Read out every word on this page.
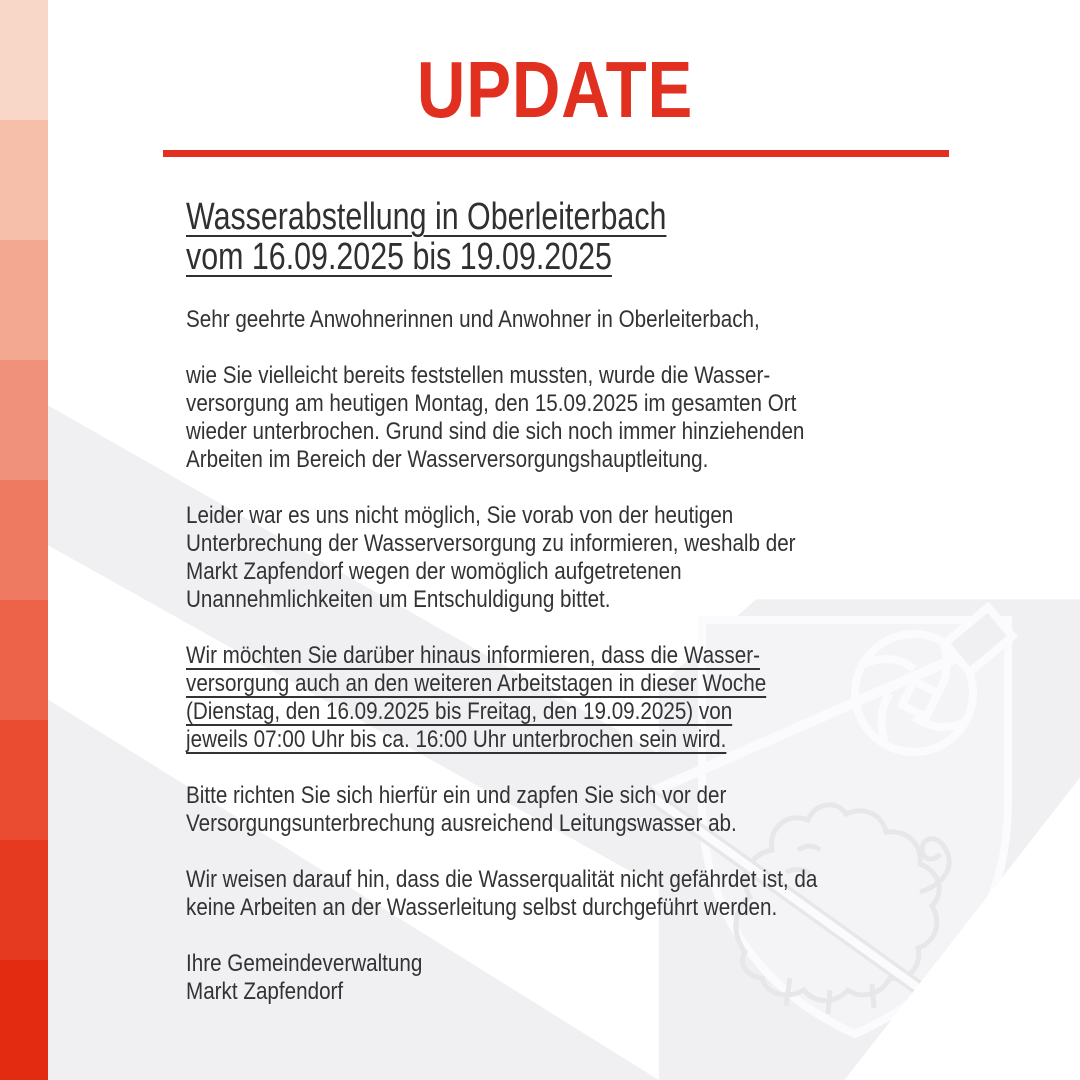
UPDATE
Wasserabstellung in Oberleiterbach
vom 16.09.2025 bis 19.09.2025
Sehr geehrte Anwohnerinnen und Anwohner in Oberleiterbach,
wie Sie vielleicht bereits feststellen mussten, wurde die Wasser-
versorgung am heutigen Montag, den 15.09.2025 im gesamten Ort
wieder unterbrochen. Grund sind die sich noch immer hinziehenden
Arbeiten im Bereich der Wasserversorgungshauptleitung.
Leider war es uns nicht möglich, Sie vorab von der heutigen
Unterbrechung der Wasserversorgung zu informieren, weshalb der
Markt Zapfendorf wegen der womöglich aufgetretenen
Unannehmlichkeiten um Entschuldigung bittet.
Wir möchten Sie darüber hinaus informieren, dass die Wasser-
versorgung auch an den weiteren Arbeitstagen in dieser Woche
(Dienstag, den 16.09.2025 bis Freitag, den 19.09.2025) von
jeweils 07:00 Uhr bis ca. 16:00 Uhr unterbrochen sein wird.
Bitte richten Sie sich hierfür ein und zapfen Sie sich vor der
Versorgungsunterbrechung ausreichend Leitungswasser ab.
Wir weisen darauf hin, dass die Wasserqualität nicht gefährdet ist, da
keine Arbeiten an der Wasserleitung selbst durchgeführt werden.
Ihre Gemeindeverwaltung
Markt Zapfendorf
